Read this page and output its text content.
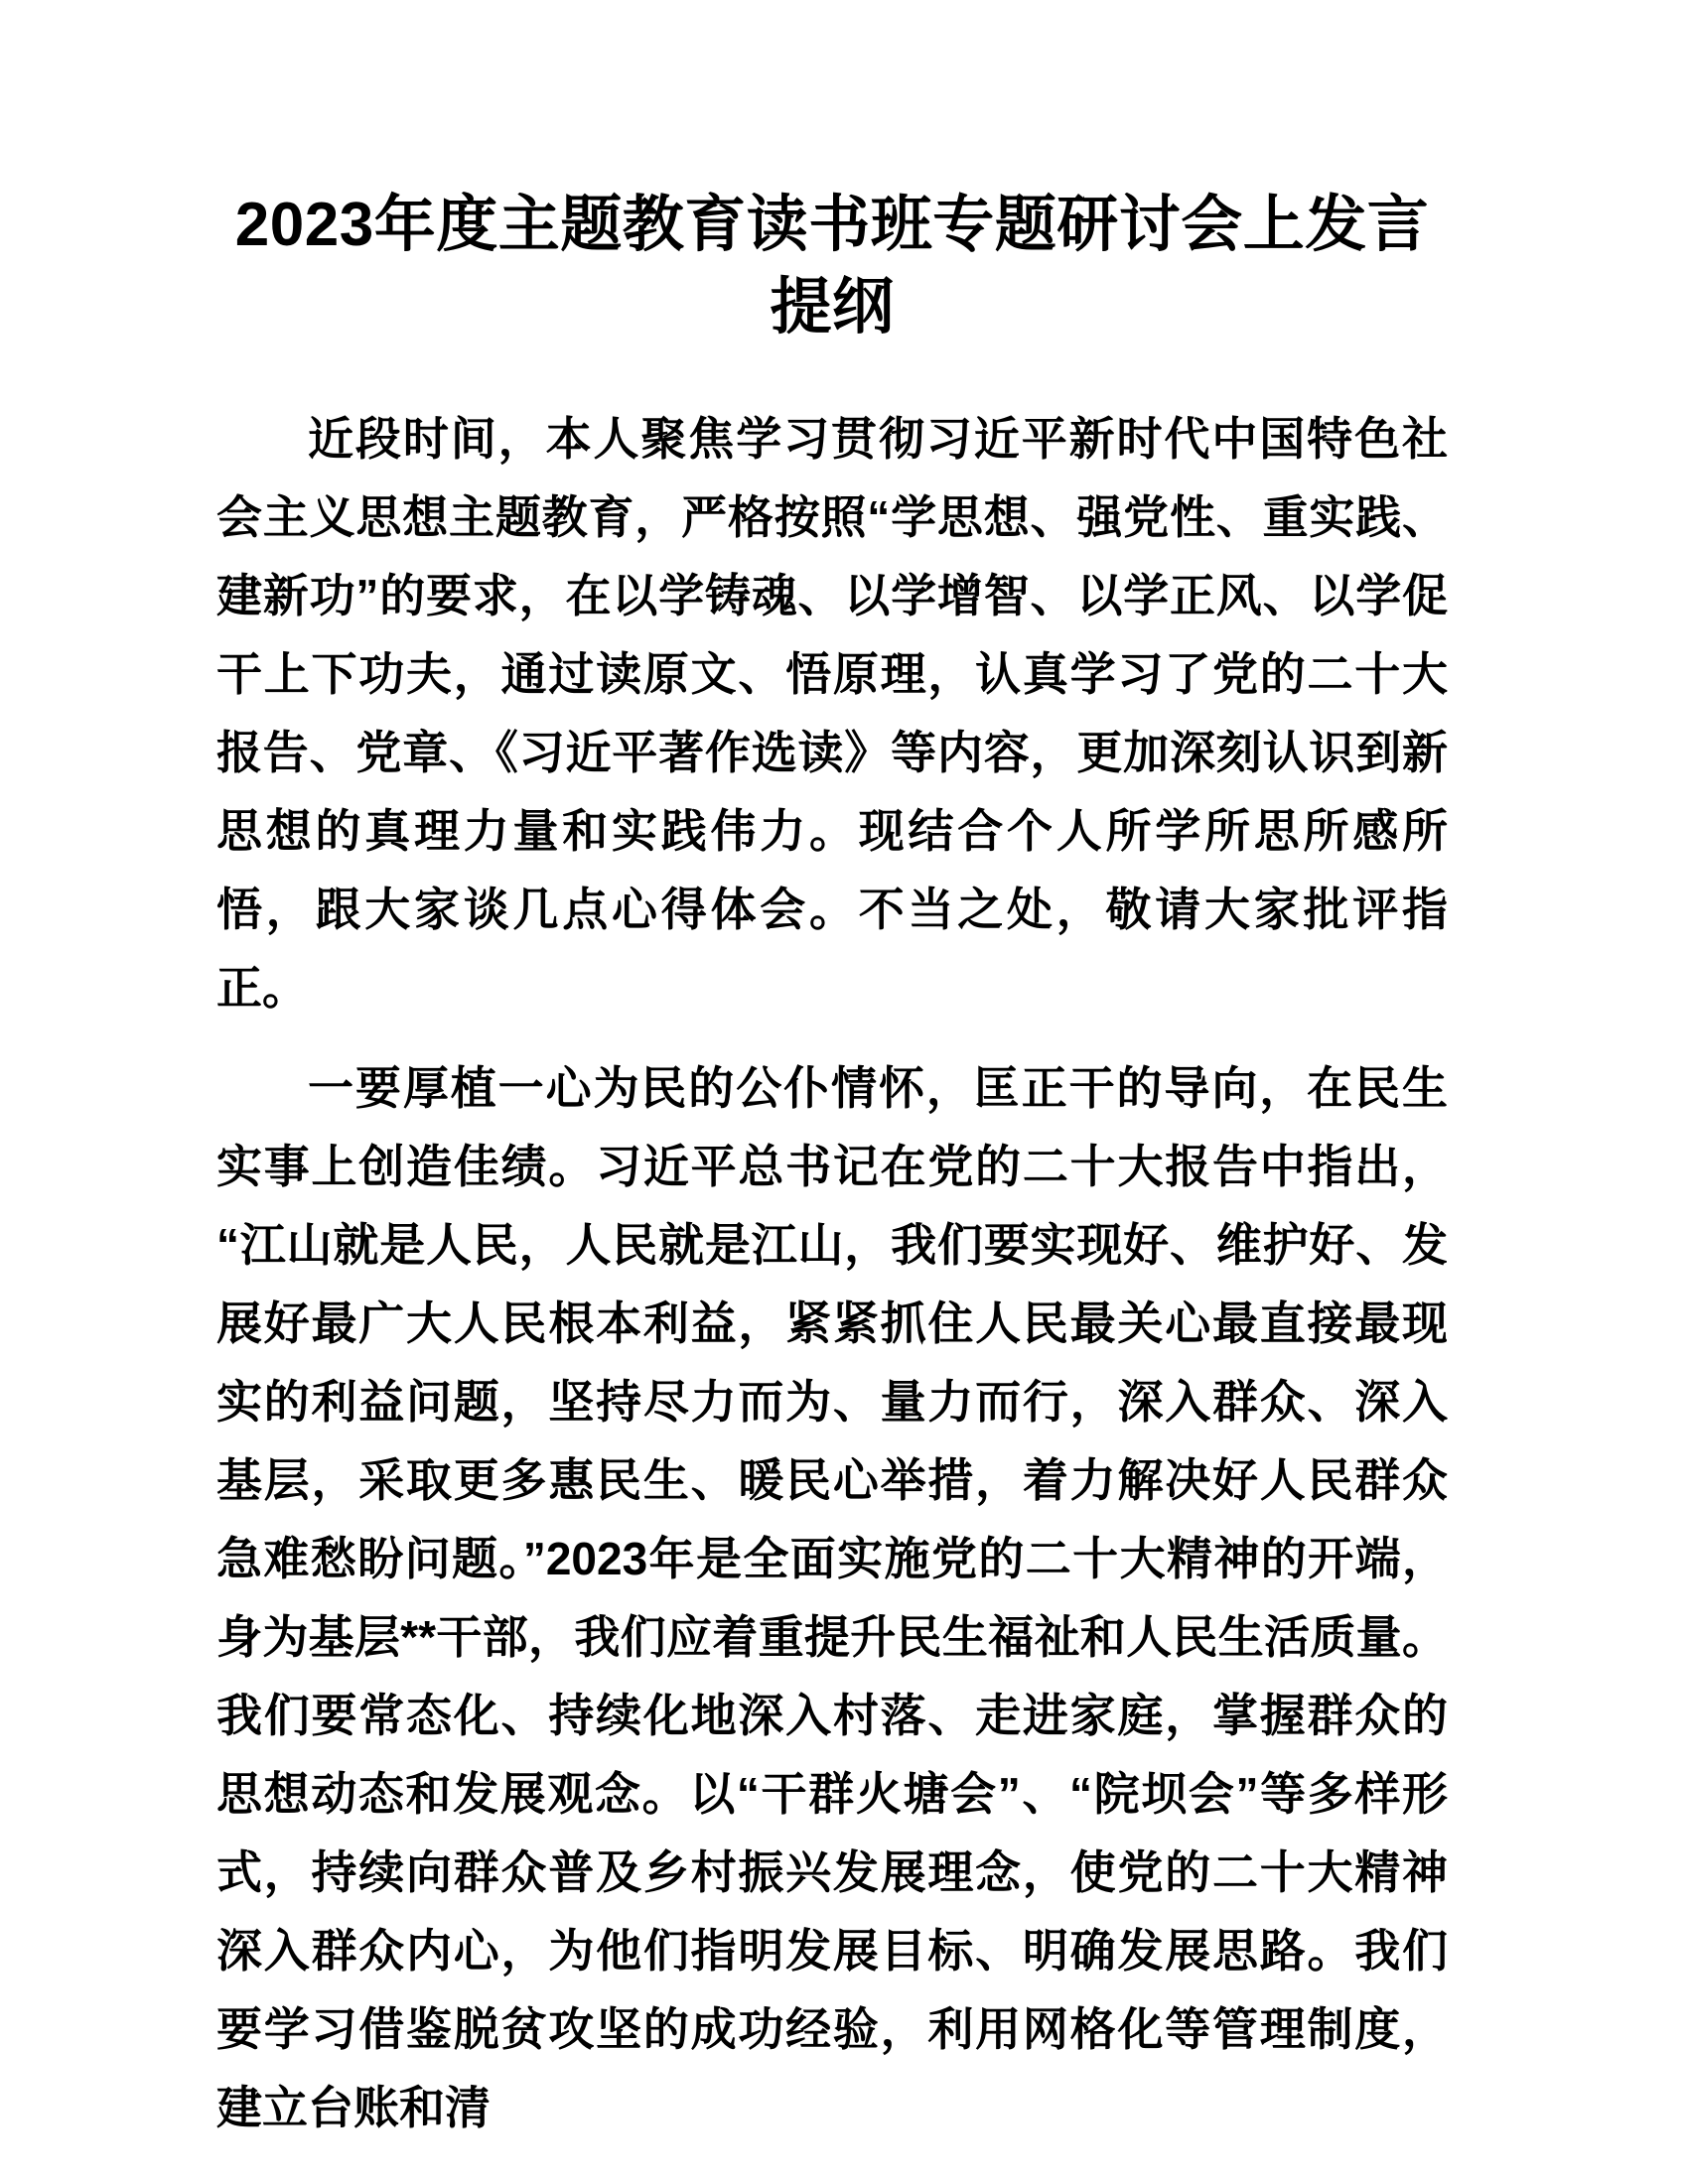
2023年度主题教育读书班专题研讨会上发言提纲

近段时间，本人聚焦学习贯彻习近平新时代中国特色社会主义思想主题教育，严格按照“学思想、强党性、重实践、建新功”的要求，在以学铸魂、以学增智、以学正风、以学促干上下功夫，通过读原文、悟原理，认真学习了党的二十大报告、党章、《习近平著作选读》等内容，更加深刻认识到新思想的真理力量和实践伟力。现结合个人所学所思所感所悟，跟大家谈几点心得体会。不当之处，敬请大家批评指正。

一要厚植一心为民的公仆情怀，匡正干的导向，在民生实事上创造佳绩。习近平总书记在党的二十大报告中指出，“江山就是人民，人民就是江山，我们要实现好、维护好、发展好最广大人民根本利益，紧紧抓住人民最关心最直接最现实的利益问题，坚持尽力而为、量力而行，深入群众、深入基层，采取更多惠民生、暖民心举措，着力解决好人民群众急难愁盼问题。”2023年是全面实施党的二十大精神的开端，身为基层**干部，我们应着重提升民生福祉和人民生活质量。我们要常态化、持续化地深入村落、走进家庭，掌握群众的思想动态和发展观念。以“干群火塘会”、“院坝会”等多样形式，持续向群众普及乡村振兴发展理念，使党的二十大精神深入群众内心，为他们指明发展目标、明确发展思路。我们要学习借鉴脱贫攻坚的成功经验，利用网格化等管理制度，建立台账和清
